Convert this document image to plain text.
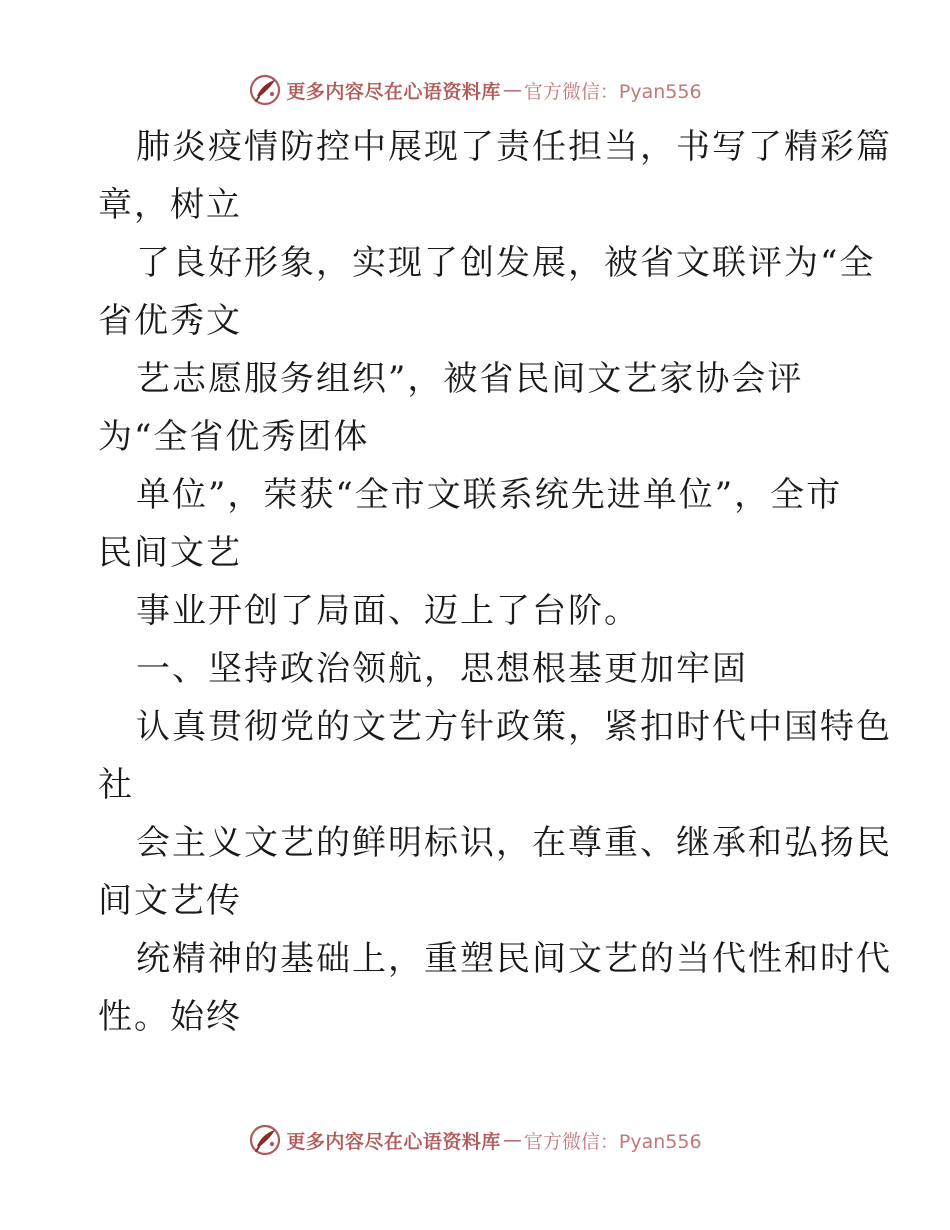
更多内容尽在心语资料库 — 官方微信：Pyan556
肺炎疫情防控中展现了责任担当，书写了精彩篇
章，树立
了良好形象，实现了创发展，被省文联评为“全
省优秀文
艺志愿服务组织”，被省民间文艺家协会评
为“全省优秀团体
单位”，荣获“全市文联系统先进单位”，全市
民间文艺
事业开创了局面、迈上了台阶。
一、坚持政治领航，思想根基更加牢固
认真贯彻党的文艺方针政策，紧扣时代中国特色
社
会主义文艺的鲜明标识，在尊重、继承和弘扬民
间文艺传
统精神的基础上，重塑民间文艺的当代性和时代
性。始终
更多内容尽在心语资料库 — 官方微信：Pyan556
